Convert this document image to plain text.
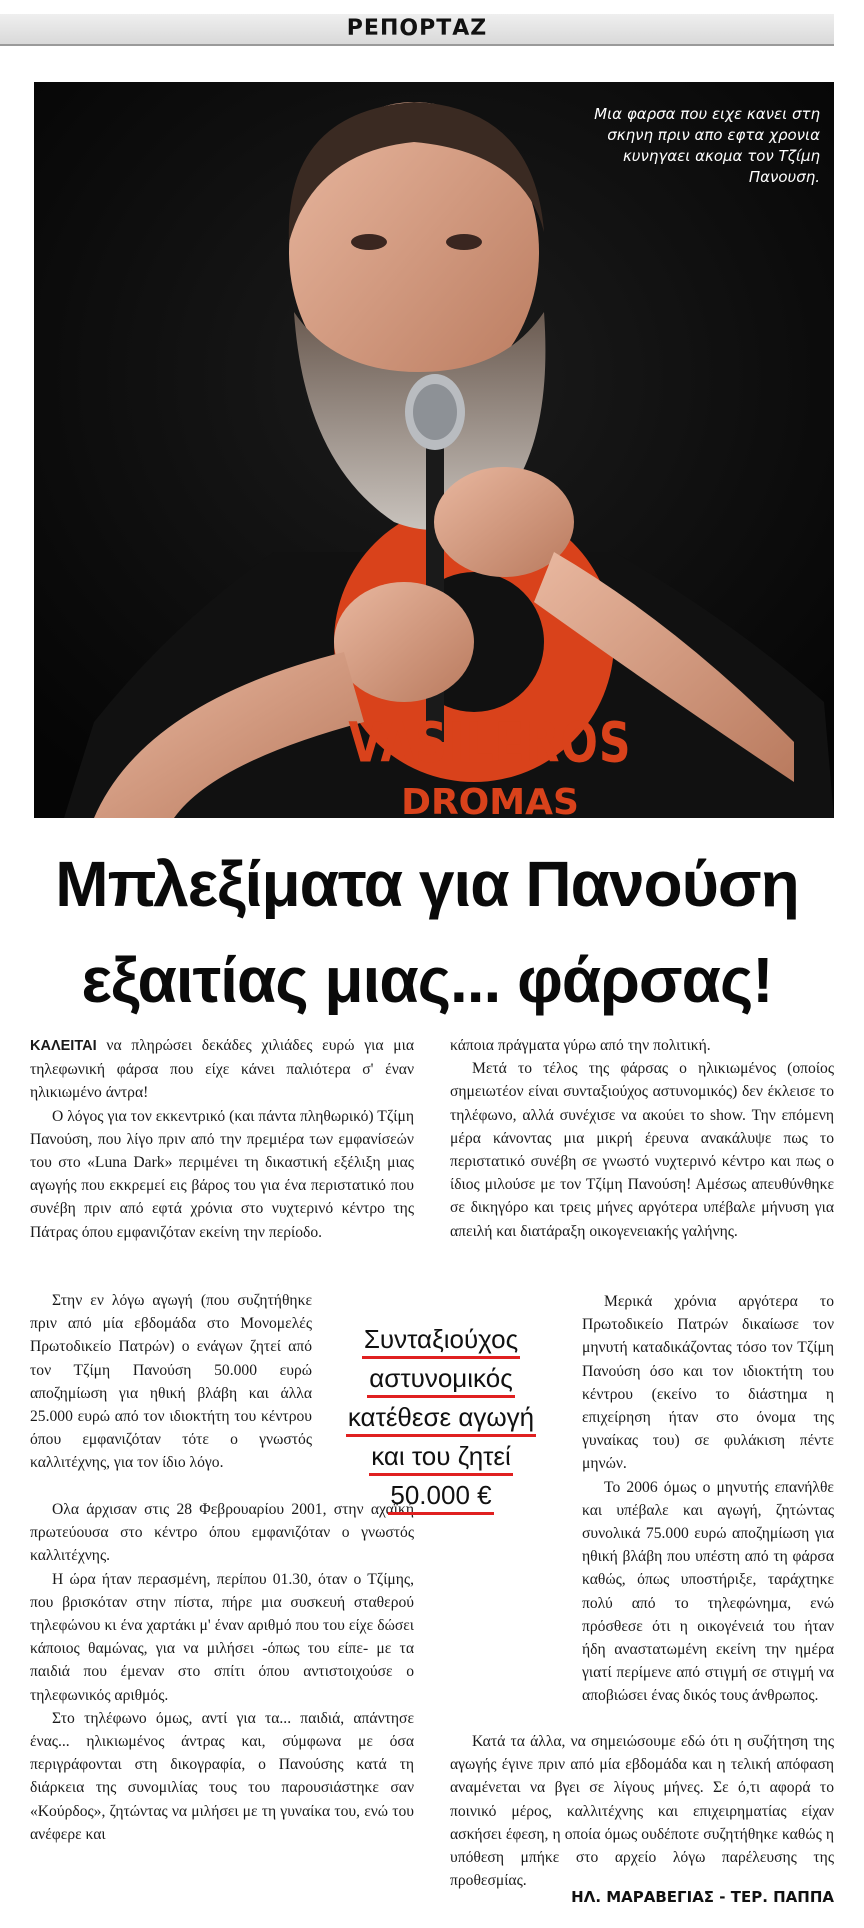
ΡΕΠΟΡΤΑΖ
Μια φαρσα που ειχε κανει στη σκηνη πριν απο εφτα χρονια κυνηγαει ακομα τον Τζίμη Πανουση.
VASILEROS
DROMAS
Μπλεξίματα για Πανούση
εξαιτίας μιας... φάρσας!

ΚΑΛΕΙΤΑΙ να πληρώσει δεκάδες χιλιάδες ευρώ για μια τηλεφωνική φάρσα που είχε κάνει παλιότερα σ' έναν ηλικιωμένο άντρα!

Ο λόγος για τον εκκεντρικό (και πάντα πληθωρικό) Τζίμη Πανούση, που λίγο πριν από την πρεμιέρα των εμφανίσεών του στο «Luna Dark» περιμένει τη δικαστική εξέλιξη μιας αγωγής που εκκρεμεί εις βάρος του για ένα περιστατικό που συνέβη πριν από εφτά χρόνια στο νυχτερινό κέντρο της Πάτρας όπου εμφανιζόταν εκείνη την περίοδο.

Στην εν λόγω αγωγή (που συζητήθηκε πριν από μία εβδομάδα στο Μονομελές Πρωτοδικείο Πατρών) ο ενάγων ζητεί από τον Τζίμη Πανούση 50.000 ευρώ αποζημίωση για ηθική βλάβη και άλλα 25.000 ευρώ από τον ιδιοκτήτη του κέντρου όπου εμφανιζόταν τότε ο γνωστός καλλιτέχνης, για τον ίδιο λόγο.

Ολα άρχισαν στις 28 Φεβρουαρίου 2001, στην αχαϊκή πρωτεύουσα στο κέντρο όπου εμφανιζόταν ο γνωστός καλλιτέχνης.

Η ώρα ήταν περασμένη, περίπου 01.30, όταν ο Τζίμης, που βρισκόταν στην πίστα, πήρε μια συσκευή σταθερού τηλεφώνου κι ένα χαρτάκι μ' έναν αριθμό που του είχε δώσει κάποιος θαμώνας, για να μιλήσει -όπως του είπε- με τα παιδιά που έμεναν στο σπίτι όπου αντιστοιχούσε ο τηλεφωνικός αριθμός.

Στο τηλέφωνο όμως, αντί για τα... παιδιά, απάντησε ένας... ηλικιωμένος άντρας και, σύμφωνα με όσα περιγράφονται στη δικογραφία, ο Πανούσης κατά τη διάρκεια της συνομιλίας τους του παρουσιάστηκε σαν «Κούρδος», ζητώντας να μιλήσει με τη γυναίκα του, ενώ του ανέφερε και

Συνταξιούχος
αστυνομικός
κατέθεσε αγωγή
και του ζητεί
50.000 €

κάποια πράγματα γύρω από την πολιτική.

Μετά το τέλος της φάρσας ο ηλικιωμένος (οποίος σημειωτέον είναι συνταξιούχος αστυνομικός) δεν έκλεισε το τηλέφωνο, αλλά συνέχισε να ακούει το show. Την επόμενη μέρα κάνοντας μια μικρή έρευνα ανακάλυψε πως το περιστατικό συνέβη σε γνωστό νυχτερινό κέντρο και πως ο ίδιος μιλούσε με τον Τζίμη Πανούση! Αμέσως απευθύνθηκε σε δικηγόρο και τρεις μήνες αργότερα υπέβαλε μήνυση για απειλή και διατάραξη οικογενειακής γαλήνης.

Μερικά χρόνια αργότερα το Πρωτοδικείο Πατρών δικαίωσε τον μηνυτή καταδικάζοντας τόσο τον Τζίμη Πανούση όσο και τον ιδιοκτήτη του κέντρου (εκείνο το διάστημα η επιχείρηση ήταν στο όνομα της γυναίκας του) σε φυλάκιση πέντε μηνών.

Το 2006 όμως ο μηνυτής επανήλθε και υπέβαλε και αγωγή, ζητώντας συνολικά 75.000 ευρώ αποζημίωση για ηθική βλάβη που υπέστη από τη φάρσα καθώς, όπως υποστήριξε, ταράχτηκε πολύ από το τηλεφώνημα, ενώ πρόσθεσε ότι η οικογένειά του ήταν ήδη αναστατωμένη εκείνη την ημέρα γιατί περίμενε από στιγμή σε στιγμή να αποβιώσει ένας δικός τους άνθρωπος.

Κατά τα άλλα, να σημειώσουμε εδώ ότι η συζήτηση της αγωγής έγινε πριν από μία εβδομάδα και η τελική απόφαση αναμένεται να βγει σε λίγους μήνες. Σε ό,τι αφορά το ποινικό μέρος, καλλιτέχνης και επιχειρηματίας είχαν ασκήσει έφεση, η οποία όμως ουδέποτε συζητήθηκε καθώς η υπόθεση μπήκε στο αρχείο λόγω παρέλευσης της προθεσμίας.

ΗΛ. ΜΑΡΑΒΕΓΙΑΣ - ΤΕΡ. ΠΑΠΠΑ
